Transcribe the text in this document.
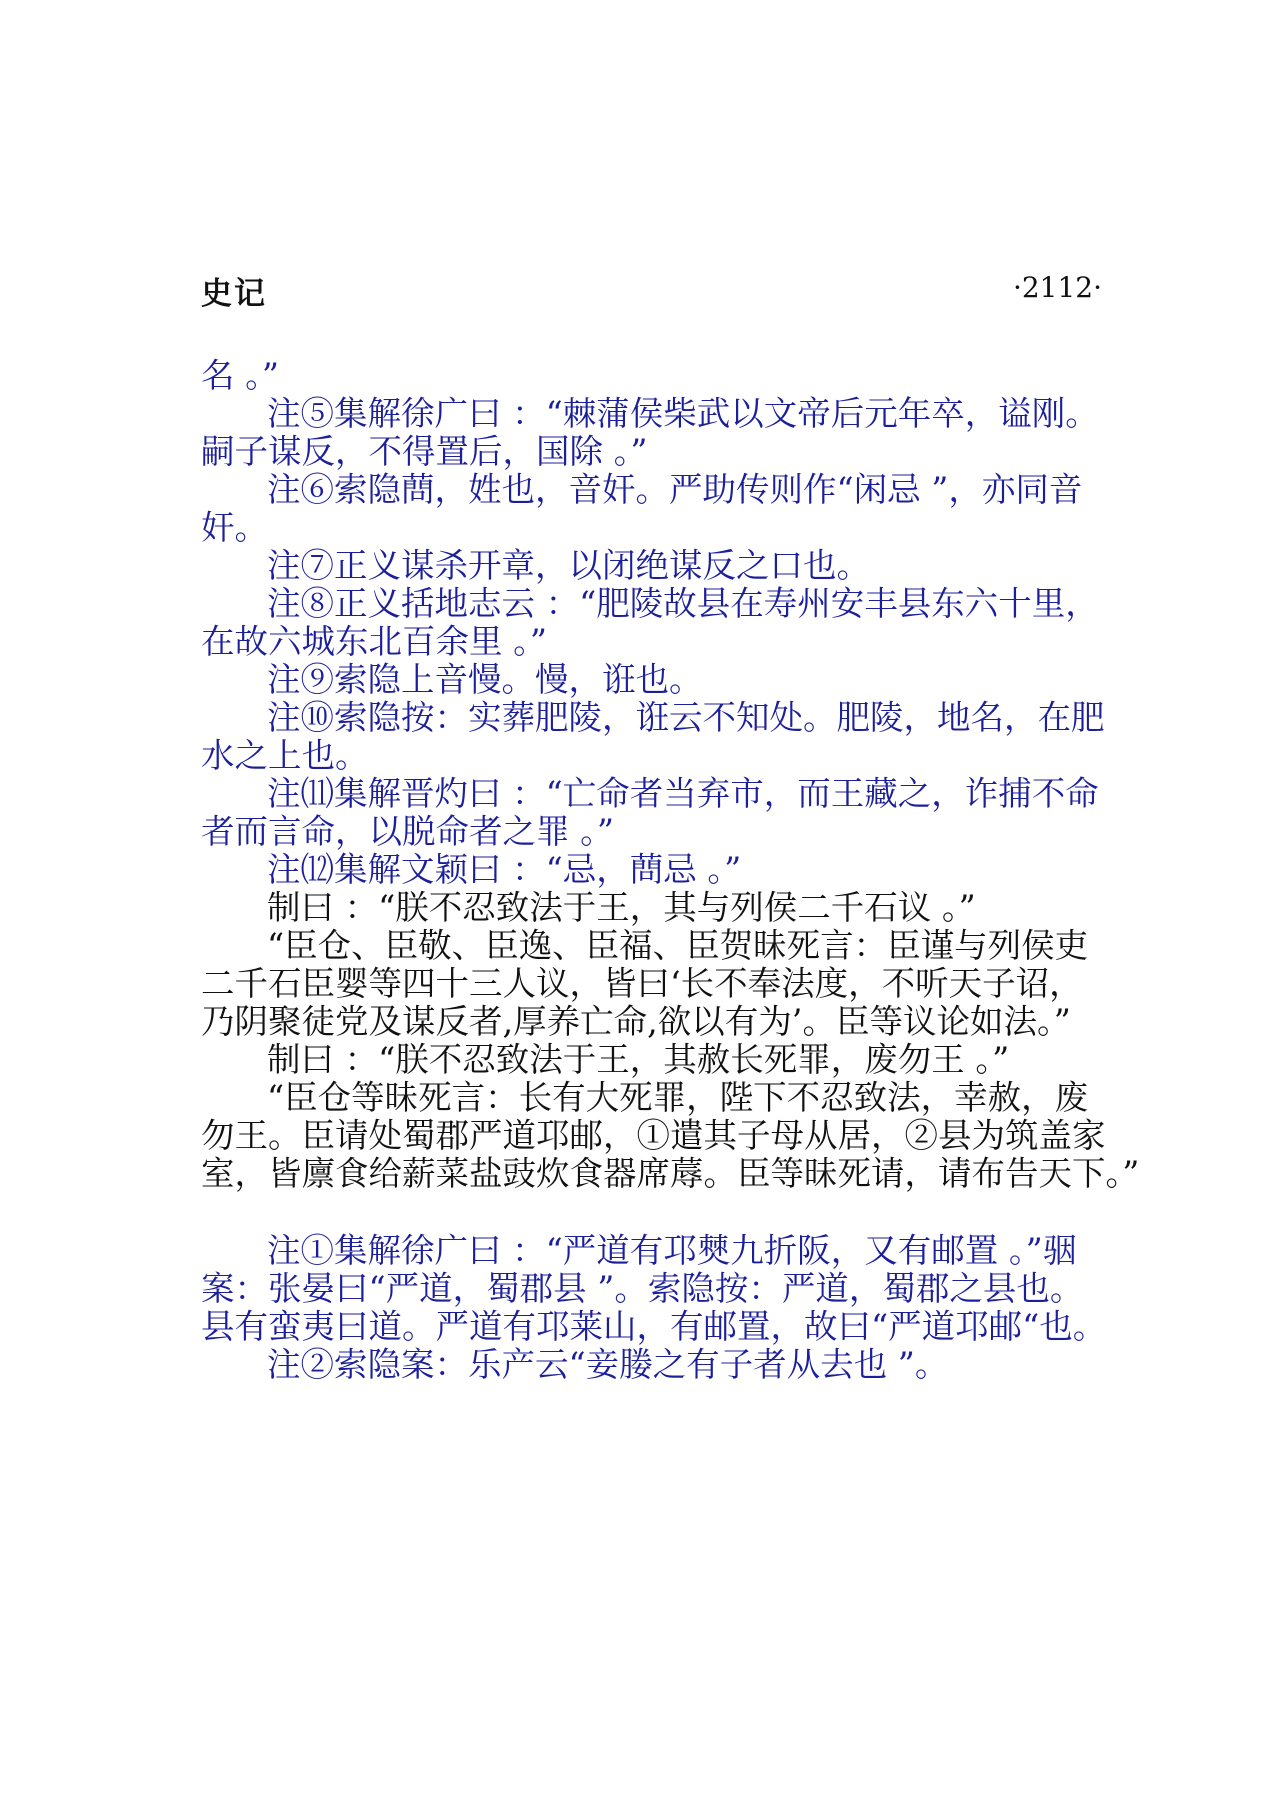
史记	·2112·
名 。”
注⑤集解徐广曰 ：“棘蒲侯柴武以文帝后元年卒，谥刚。
嗣子谋反，不得置后，国除 。”
注⑥索隐蔄，姓也，音奸。严助传则作“闲忌 ”，亦同音
奸。
注⑦正义谋杀开章，以闭绝谋反之口也。
注⑧正义括地志云 ：“肥陵故县在寿州安丰县东六十里，
在故六城东北百余里 。”
注⑨索隐上音慢。慢，诳也。
注⑩索隐按：实葬肥陵，诳云不知处。肥陵，地名，在肥
水之上也。
注⑾集解晋灼曰 ：“亡命者当弃市，而王藏之，诈捕不命
者而言命，以脱命者之罪 。”
注⑿集解文颖曰 ：“忌，蔄忌 。”
制曰 ：“朕不忍致法于王，其与列侯二千石议 。”
“臣仓、臣敬、臣逸、臣福、臣贺昧死言：臣谨与列侯吏
二千石臣婴等四十三人议，皆曰‘长不奉法度，不听天子诏，
乃阴聚徒党及谋反者,厚养亡命,欲以有为’。臣等议论如法。”
制曰 ：“朕不忍致法于王，其赦长死罪，废勿王 。”
“臣仓等昧死言：长有大死罪，陛下不忍致法，幸赦，废
勿王。臣请处蜀郡严道邛邮，①遣其子母从居，②县为筑盖家
室，皆廪食给薪菜盐豉炊食器席蓐。臣等昧死请，请布告天下。”
注①集解徐广曰 ：“严道有邛僰九折阪，又有邮置 。”骃
案：张晏曰“严道，蜀郡县 ”。索隐按：严道，蜀郡之县也。
县有蛮夷曰道。严道有邛莱山，有邮置，故曰“严道邛邮“也。
注②索隐案：乐产云“妾媵之有子者从去也 ”。
